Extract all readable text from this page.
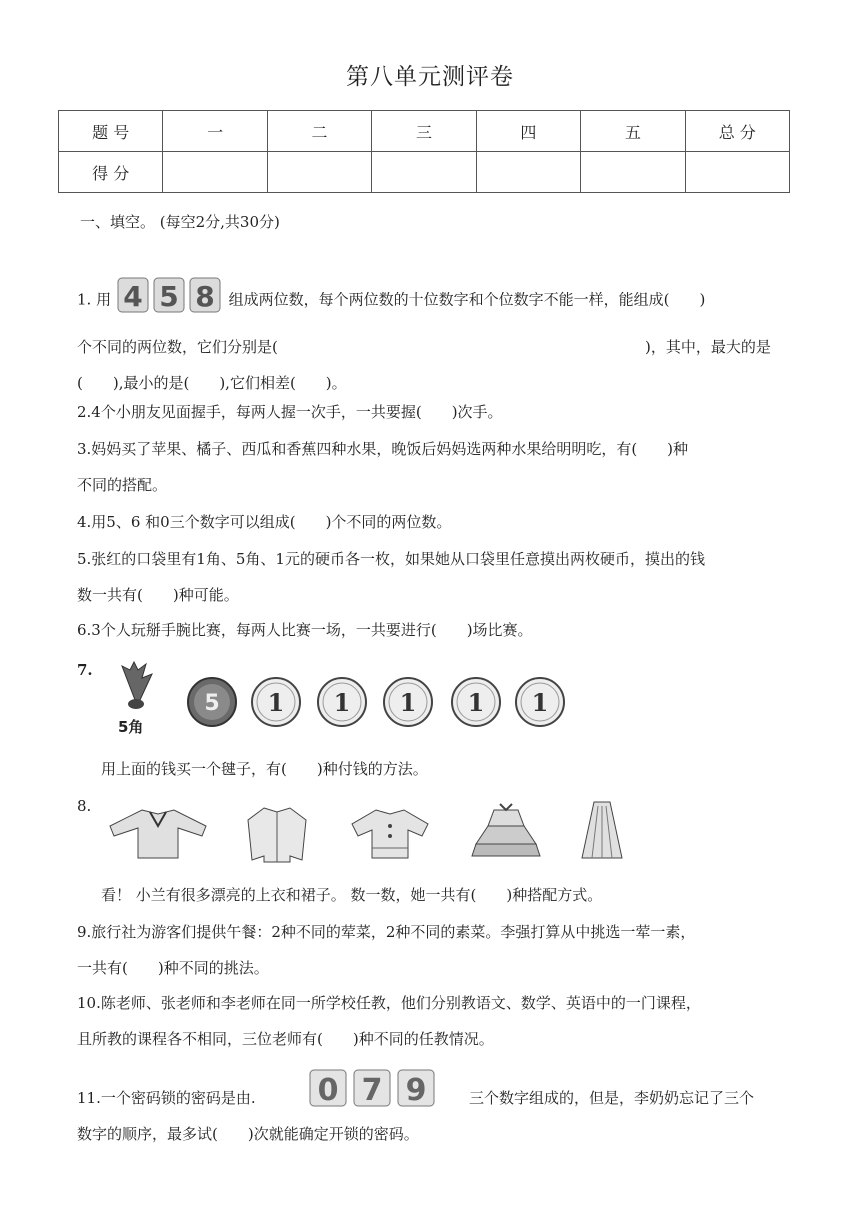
第八单元测评卷
题 号	一	二	三	四	五	总 分
得 分						
一、填空。 (每空2分,共30分)
1. 用 4 5 8 组成两位数，每个两位数的十位数字和个位数字不能一样，能组成(　　)
个不同的两位数，它们分别是(	)，其中，最大的是
(　　),最小的是(　　),它们相差(　　)。
2.4个小朋友见面握手，每两人握一次手，一共要握(　　)次手。
3.妈妈买了苹果、橘子、西瓜和香蕉四种水果，晚饭后妈妈选两种水果给明明吃，有(　　)种
不同的搭配。
4.用5、6 和0三个数字可以组成(　　)个不同的两位数。
5.张红的口袋里有1角、5角、1元的硬币各一枚，如果她从口袋里任意摸出两枚硬币，摸出的钱
数一共有(　　)种可能。
6.3个人玩掰手腕比赛，每两人比赛一场，一共要进行(　　)场比赛。
7.
5角
5 1 1 1 1 1
用上面的钱买一个毽子，有(　　)种付钱的方法。
8.
看！ 小兰有很多漂亮的上衣和裙子。 数一数，她一共有(　　)种搭配方式。
9.旅行社为游客们提供午餐：2种不同的荤菜，2种不同的素菜。李强打算从中挑选一荤一素，
一共有(　　)种不同的挑法。
10.陈老师、张老师和李老师在同一所学校任教，他们分别教语文、数学、英语中的一门课程，
且所教的课程各不相同，三位老师有(　　)种不同的任教情况。
11.一个密码锁的密码是由.	三个数字组成的，但是，李奶奶忘记了三个
数字的顺序，最多试(　　)次就能确定开锁的密码。
0 7 9
